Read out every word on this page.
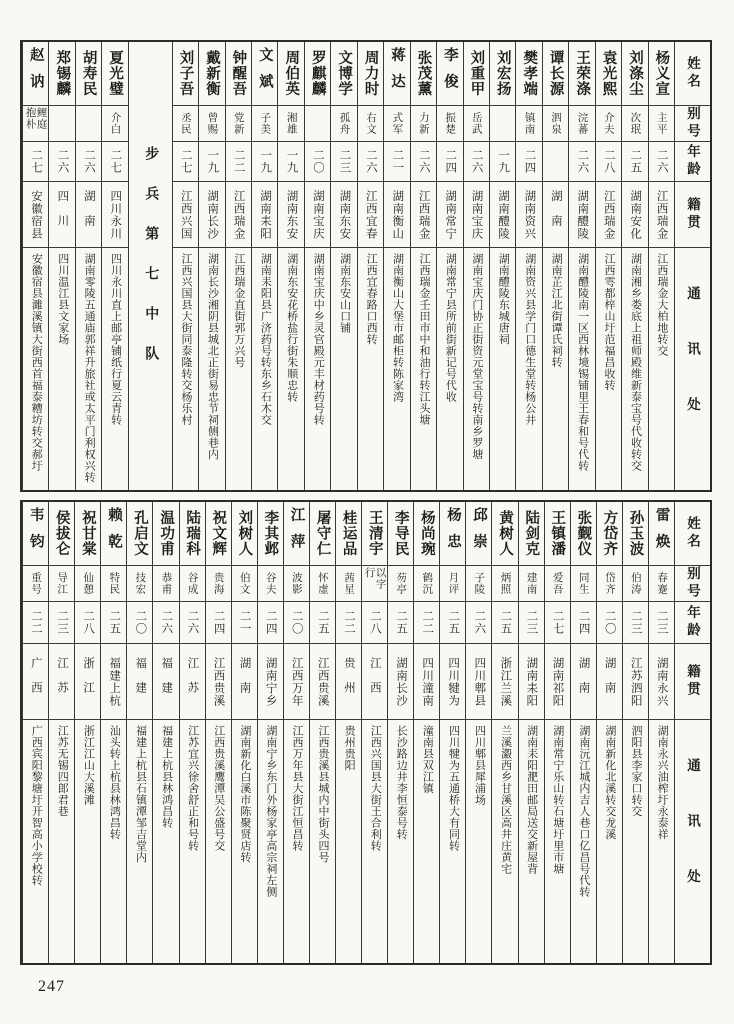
姓名
别号
年龄
籍贯
通讯处
杨义宣
主平
二六
江西瑞金
江西瑞金大柏地转交
刘涤尘
次珉
二五
湖南安化
湖南湘乡娄底上祖师殿维新泰宝号代收转交
袁光熙
介夫
二八
江西瑞金
江西雩都梓山圩范福昌收转
王荣涤
浣蕃
二六
湖南醴陵
湖南醴陵南一区西林境锡铺里王春和号代转
谭长源
泗泉
湖南
湖南芷江北街谭氏祠转
樊孝端
镇南
二四
湖南资兴
湖南资兴县学门口德生堂转杨公井
刘宏扬
一九
湖南醴陵
湖南醴陵东城唐祠
刘重甲
岳武
二六
湖南宝庆
湖南宝庆门协正街资元堂宝号转南乡罗塘
李俊
振楚
二四
湖南常宁
湖南常宁县所前街新记号代收
张茂薰
力新
二六
江西瑞金
江西瑞金壬田市中和油行转江头塘
蒋达
式军
二一
湖南衡山
湖南衡山大堡市邮柜转陈家湾
周力时
右文
二六
江西宜春
江西宜春路口西转
文博学
孤舟
二三
湖南东安
湖南东安山口铺
罗麒麟
二〇
湖南宝庆
湖南宝庆中乡灵官殿元丰材药号转
周伯英
湘雄
一九
湖南东安
湖南东安花桥盐行街朱顺忠转
文斌
子美
一九
湖南耒阳
湖南耒阳县广济药号转东乡石木交
钟醒吾
党新
二二
江西瑞金
江西瑞金直街郭万兴号
戴新衡
曾赐
一九
湖南长沙
湖南长沙湘阴县城北正街易忠节祠侧巷内
刘子吾
丞民
二七
江西兴国
江西兴国县大街同泰隆转交杨乐村
步兵第七中队
夏光璧
介白
二七
四川永川
四川永川直上邮亭铺纸行夏云青转
胡寿民
二六
湖南
湖南零陵五通庙郭祥升旅社或太平门利权兴转
郑锡麟
二六
四川
四川温江县文家场
赵讷
鲤庭抱朴
二七
安徽宿县
安徽宿县濉溪镇大街西首福泰糟坊转交郝圩
姓名
别号
年龄
籍贯
通讯处
雷焕
春蹇
二三
湖南永兴
湖南永兴油榨圩永泰祥
孙玉波
伯涛
二三
江苏泗阳
泗阳县李家口转交
方岱齐
岱齐
二〇
湖南
湖南新化北溪转交龙溪
张觐仪
同生
二四
湖南
湖南沅江城内吉人巷口亿昌号代转
王镇潘
爱吾
二七
湖南祁阳
湖南常宁乐山转石塘圩里市塘
陆剑克
建南
二三
湖南耒阳
湖南耒阳淝田邮局送交新屋背
黄树人
炳照
二五
浙江兰溪
兰溪瀫西乡甘溪区高井庄黄宅
邱崇
子陵
二六
四川郫县
四川郫县犀浦场
杨忠
月评
二五
四川犍为
四川犍为五通桥大有同转
杨尚琬
鹤沉
二二
四川潼南
潼南县双江镇
李导民
芴亭
二五
湖南长沙
长沙路边井李恒泰号转
王清宇
以字行
二八
江西
江西兴国县大街王合利转
桂运品
茜星
二二
贵州
贵州贵阳
屠守仁
怀虚
二五
江西贵溪
江西贵溪县城内中街头四号
江萍
波影
二〇
江西万年
江西万年县大街江恒昌转
李其邺
谷夫
二四
湖南宁乡
湖南宁乡东门外杨家亭高宗祠左侧
刘树人
伯文
二一
湖南
湖南新化白溪市陈聚贤店转
祝文辉
贵海
二四
江西贵溪
江西贵溪鹰潭吴公盛号交
陆瑞科
谷成
二六
江苏
江苏宜兴徐舍舒正和号转
温功甫
恭甫
二六
福建
福建上杭县林鸿昌转
孔启文
技宏
二〇
福建
福建上杭县石镇潭邹吉堂内
赖乾
特民
二五
福建上杭
汕头转上杭县林鸿昌转
祝甘棠
仙憩
二八
浙江
浙江江山大溪滩
侯拔仑
导江
二三
江苏
江苏无锡四郎君巷
韦钧
重号
二二
广西
广西宾阳黎塘圩开智高小学校转
247
